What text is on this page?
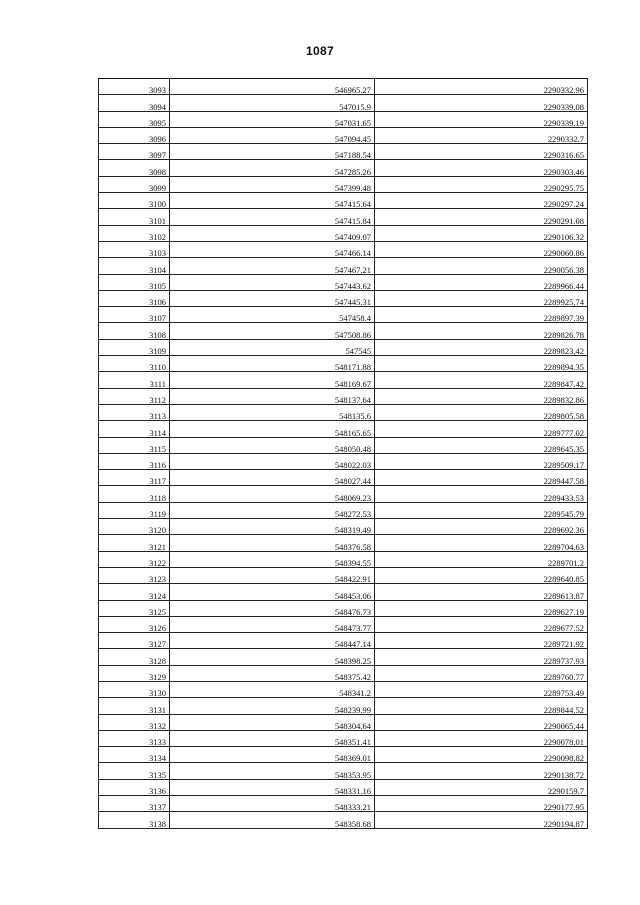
1087
3093	546965.27	2290332.96
3094	547015.9	2290339.08
3095	547031.65	2290339.19
3096	547094.45	2290332.7
3097	547188.54	2290316.65
3098	547285.26	2290303.46
3099	547399.48	2290295.75
3100	547415.64	2290297.24
3101	547415.84	2290291.08
3102	547409.07	2290106.32
3103	547466.14	2290060.86
3104	547467.21	2290056.38
3105	547443.62	2289966.44
3106	547445.31	2289925.74
3107	547458.4	2289897.39
3108	547508.86	2289826.78
3109	547545	2289823.42
3110	548171.88	2289894.35
3111	548169.67	2289847.42
3112	548137.64	2289832.86
3113	548135.6	2289805.58
3114	548165.65	2289777.02
3115	548050.48	2289645.35
3116	548022.03	2289509.17
3117	548027.44	2289447.58
3118	548069.23	2289433.53
3119	548272.53	2289545.79
3120	548319.49	2289692.36
3121	548376.58	2289704.63
3122	548394.55	2289701.2
3123	548422.91	2289640.85
3124	548453.06	2289613.87
3125	548476.73	2289627.19
3126	548473.77	2289677.52
3127	548447.14	2289721.92
3128	548398.25	2289737.93
3129	548375.42	2289760.77
3130	548341.2	2289753.49
3131	548239.99	2289844.52
3132	548304.64	2290065.44
3133	548351.41	2290078.01
3134	548369.01	2290098.82
3135	548353.95	2290138.72
3136	548331.16	2290159.7
3137	548333.21	2290177.95
3138	548358.68	2290194.87
